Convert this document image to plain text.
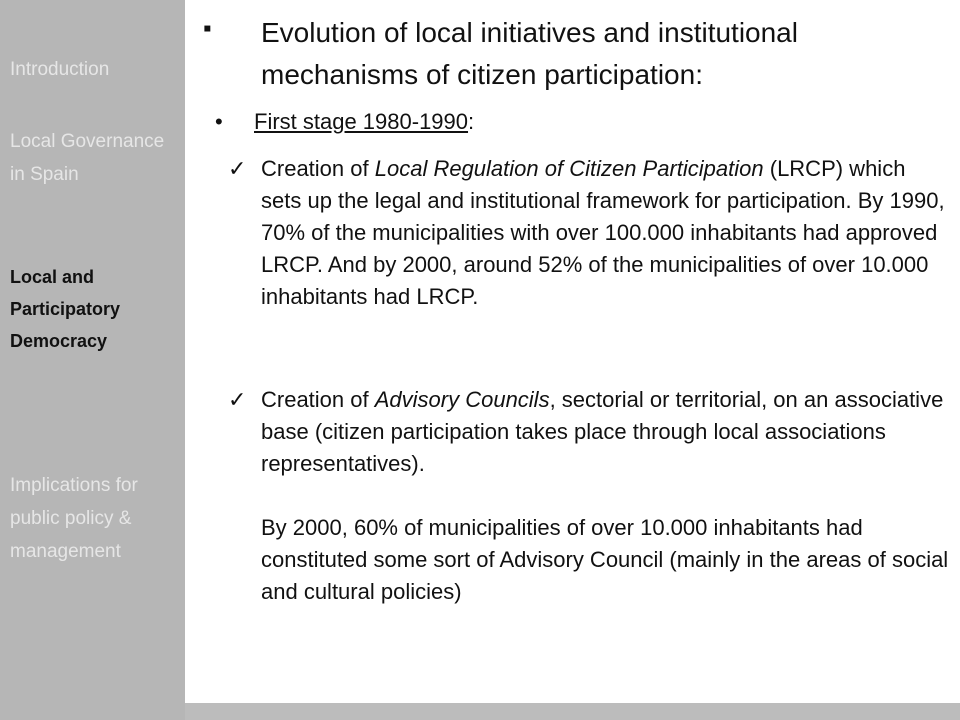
Introduction
Local Governance in Spain
Local and Participatory Democracy
Implications for public policy & management
▪ Evolution of local initiatives and institutional mechanisms of citizen participation:
• First stage 1980-1990:
✓ Creation of Local Regulation of Citizen Participation (LRCP) which sets up the legal and institutional framework for participation. By 1990, 70% of the municipalities with over 100.000 inhabitants had approved LRCP. And by 2000, around 52% of the municipalities of over 10.000 inhabitants had LRCP.
✓ Creation of Advisory Councils, sectorial or territorial, on an associative base (citizen participation takes place through local associations representatives).
By 2000, 60% of municipalities of over 10.000 inhabitants had constituted some sort of Advisory Council (mainly in the areas of social and cultural policies)
